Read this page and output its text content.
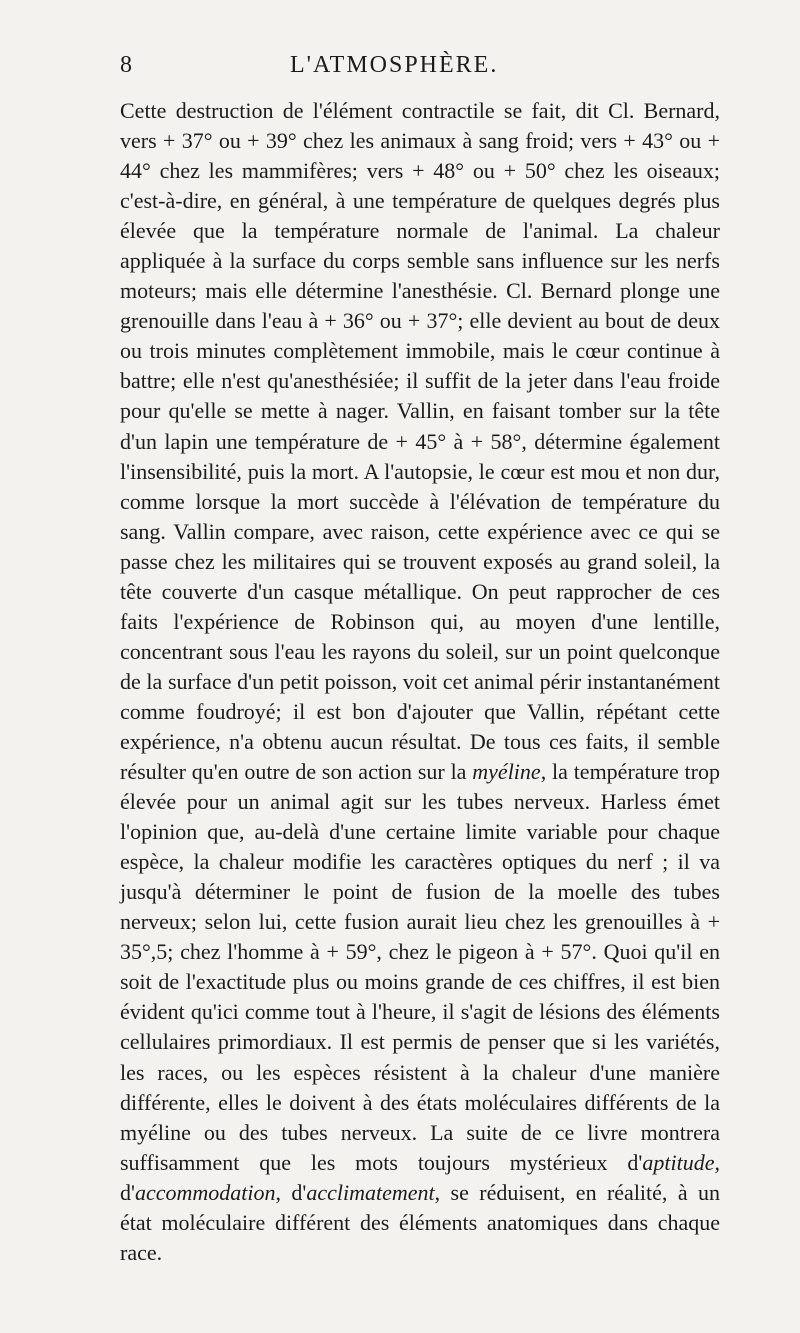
8	L'ATMOSPHÈRE.

Cette destruction de l'élément contractile se fait, dit Cl. Bernard, vers + 37° ou + 39° chez les animaux à sang froid; vers + 43° ou + 44° chez les mammifères; vers + 48° ou + 50° chez les oiseaux; c'est-à-dire, en général, à une température de quelques degrés plus élevée que la température normale de l'animal. La chaleur appliquée à la surface du corps semble sans influence sur les nerfs moteurs; mais elle détermine l'anesthésie. Cl. Bernard plonge une grenouille dans l'eau à + 36° ou + 37°; elle devient au bout de deux ou trois minutes complètement immobile, mais le cœur continue à battre; elle n'est qu'anesthésiée; il suffit de la jeter dans l'eau froide pour qu'elle se mette à nager. Vallin, en faisant tomber sur la tête d'un lapin une température de + 45° à + 58°, détermine également l'insensibilité, puis la mort. A l'autopsie, le cœur est mou et non dur, comme lorsque la mort succède à l'élévation de température du sang. Vallin compare, avec raison, cette expérience avec ce qui se passe chez les militaires qui se trouvent exposés au grand soleil, la tête couverte d'un casque métallique. On peut rapprocher de ces faits l'expérience de Robinson qui, au moyen d'une lentille, concentrant sous l'eau les rayons du soleil, sur un point quelconque de la surface d'un petit poisson, voit cet animal périr instantanément comme foudroyé; il est bon d'ajouter que Vallin, répétant cette expérience, n'a obtenu aucun résultat. De tous ces faits, il semble résulter qu'en outre de son action sur la myéline, la température trop élevée pour un animal agit sur les tubes nerveux. Harless émet l'opinion que, au-delà d'une certaine limite variable pour chaque espèce, la chaleur modifie les caractères optiques du nerf ; il va jusqu'à déterminer le point de fusion de la moelle des tubes nerveux; selon lui, cette fusion aurait lieu chez les grenouilles à + 35°,5; chez l'homme à + 59°, chez le pigeon à + 57°. Quoi qu'il en soit de l'exactitude plus ou moins grande de ces chiffres, il est bien évident qu'ici comme tout à l'heure, il s'agit de lésions des éléments cellulaires primordiaux. Il est permis de penser que si les variétés, les races, ou les espèces résistent à la chaleur d'une manière différente, elles le doivent à des états moléculaires différents de la myéline ou des tubes nerveux. La suite de ce livre montrera suffisamment que les mots toujours mystérieux d'aptitude, d'accommodation, d'acclimatement, se réduisent, en réalité, à un état moléculaire différent des éléments anatomiques dans chaque race.
